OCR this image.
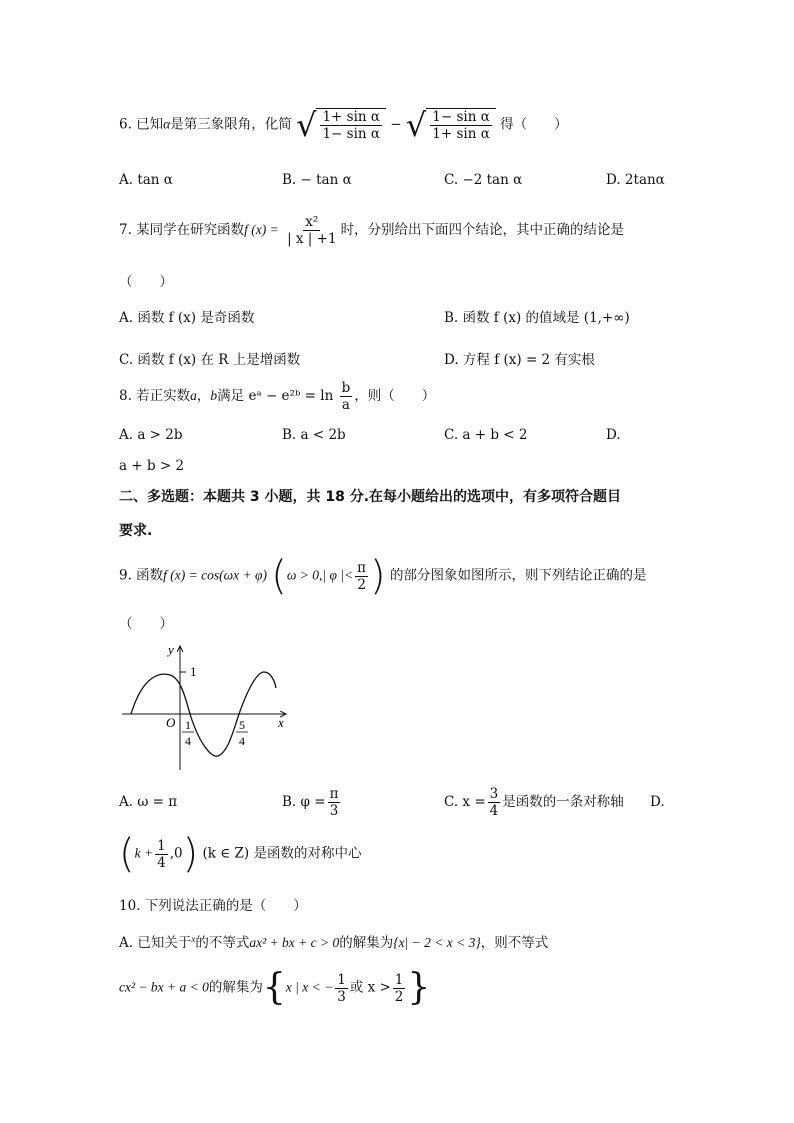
6. 已知α是第三象限角，化简 √ $\frac{\text{1+ sin α}}{\text{1− sin α}}$ − √ $\frac{\text{1− sin α}}{\text{1+ sin α}}$ 得（　　）
A. tan α	B. − tan α	C. −2 tan α	D. 2tanα
7. 某同学在研究函数f $(x) = \frac{\text{x²}}{| x | +1}$ 时，分别给出下面四个结论，其中正确的结论是
（　　）
A. 函数 f (x) 是奇函数	B. 函数 f (x) 的值域是 (1,+∞)
C. 函数 f (x) 在 R 上是增函数	D. 方程 f (x) = 2 有实根
8. 若正实数a，b满足 eᵃ − e²ᵇ = $\ln \frac{b}{a}$ ，则（　　）
A. a > 2b	B. a < 2b	C. a + b < 2	D.
a + b > 2
二、多选题：本题共 3 小题，共 18 分.在每小题给出的选项中，有多项符合题目
要求.
9. 函数f (x) = cos(ωx + φ) (ω > 0,| φ |< $\frac{\pi}{2}$ ) 的部分图象如图所示，则下列结论正确的是
（　　）
y
1
O	x
1
4
5
4
A. ω = π	B. $\varphi = \frac{\pi}{3}$	C. $x = \frac{3}{4}$ 是函数的一条对称轴 D.
$(k + \frac{1}{4} ,0)$ (k ∈ Z) 是函数的对称中心
10. 下列说法正确的是（　　）
A. 已知关于$^x$的不等式ax² + bx + c > 0的解集为{x| − 2 < x < 3}，则不等式
cx² − bx + a < 0的解集为{x | x < − $\frac{1}{3}$ 或 $x > \frac{1}{2}$ }
